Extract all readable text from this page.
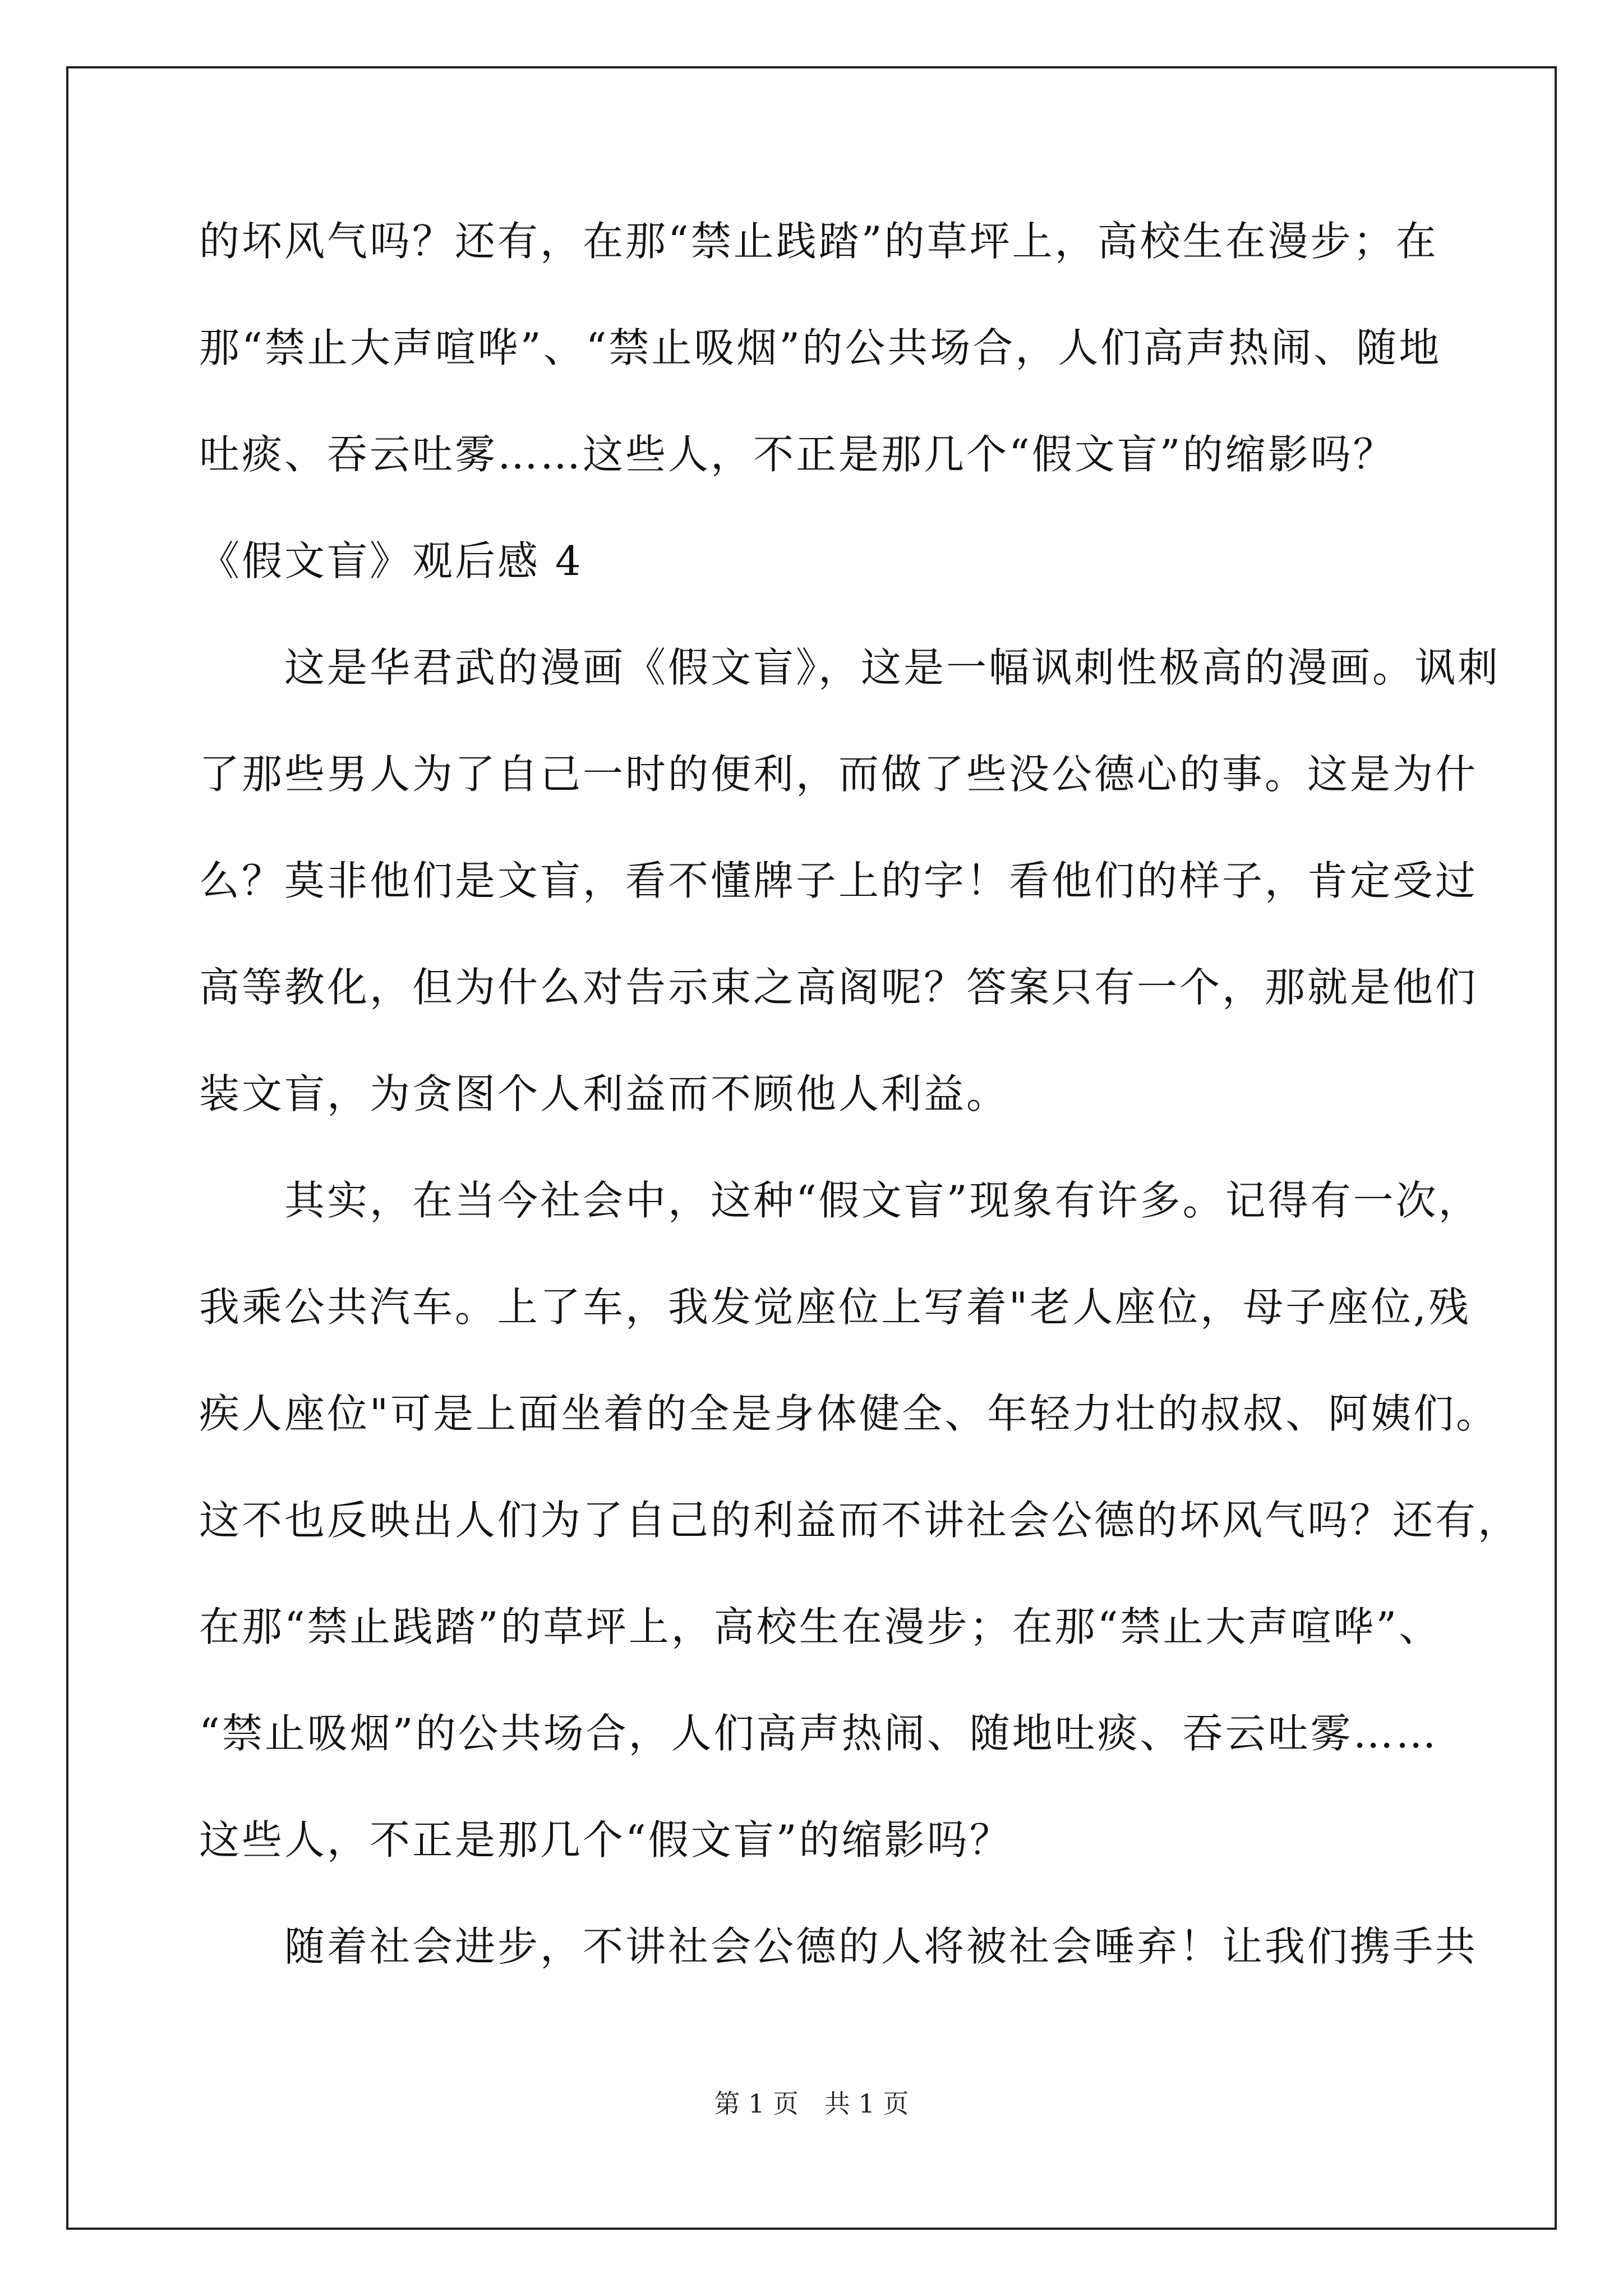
的坏风气吗？还有，在那“禁止践踏”的草坪上，高校生在漫步；在
那“禁止大声喧哗”、“禁止吸烟”的公共场合，人们高声热闹、随地
吐痰、吞云吐雾……这些人，不正是那几个“假文盲”的缩影吗？
《假文盲》观后感 4
　　这是华君武的漫画《假文盲》，这是一幅讽刺性极高的漫画。讽刺
了那些男人为了自己一时的便利，而做了些没公德心的事。这是为什
么？莫非他们是文盲，看不懂牌子上的字！看他们的样子，肯定受过
高等教化，但为什么对告示束之高阁呢？答案只有一个，那就是他们
装文盲，为贪图个人利益而不顾他人利益。
　　其实，在当今社会中，这种“假文盲”现象有许多。记得有一次，
我乘公共汽车。上了车，我发觉座位上写着"老人座位，母子座位,残
疾人座位"可是上面坐着的全是身体健全、年轻力壮的叔叔、阿姨们。
这不也反映出人们为了自己的利益而不讲社会公德的坏风气吗？还有，
在那“禁止践踏”的草坪上，高校生在漫步；在那“禁止大声喧哗”、
“禁止吸烟”的公共场合，人们高声热闹、随地吐痰、吞云吐雾……
这些人，不正是那几个“假文盲”的缩影吗？
　　随着社会进步，不讲社会公德的人将被社会唾弃！让我们携手共
第 1 页　共 1 页
